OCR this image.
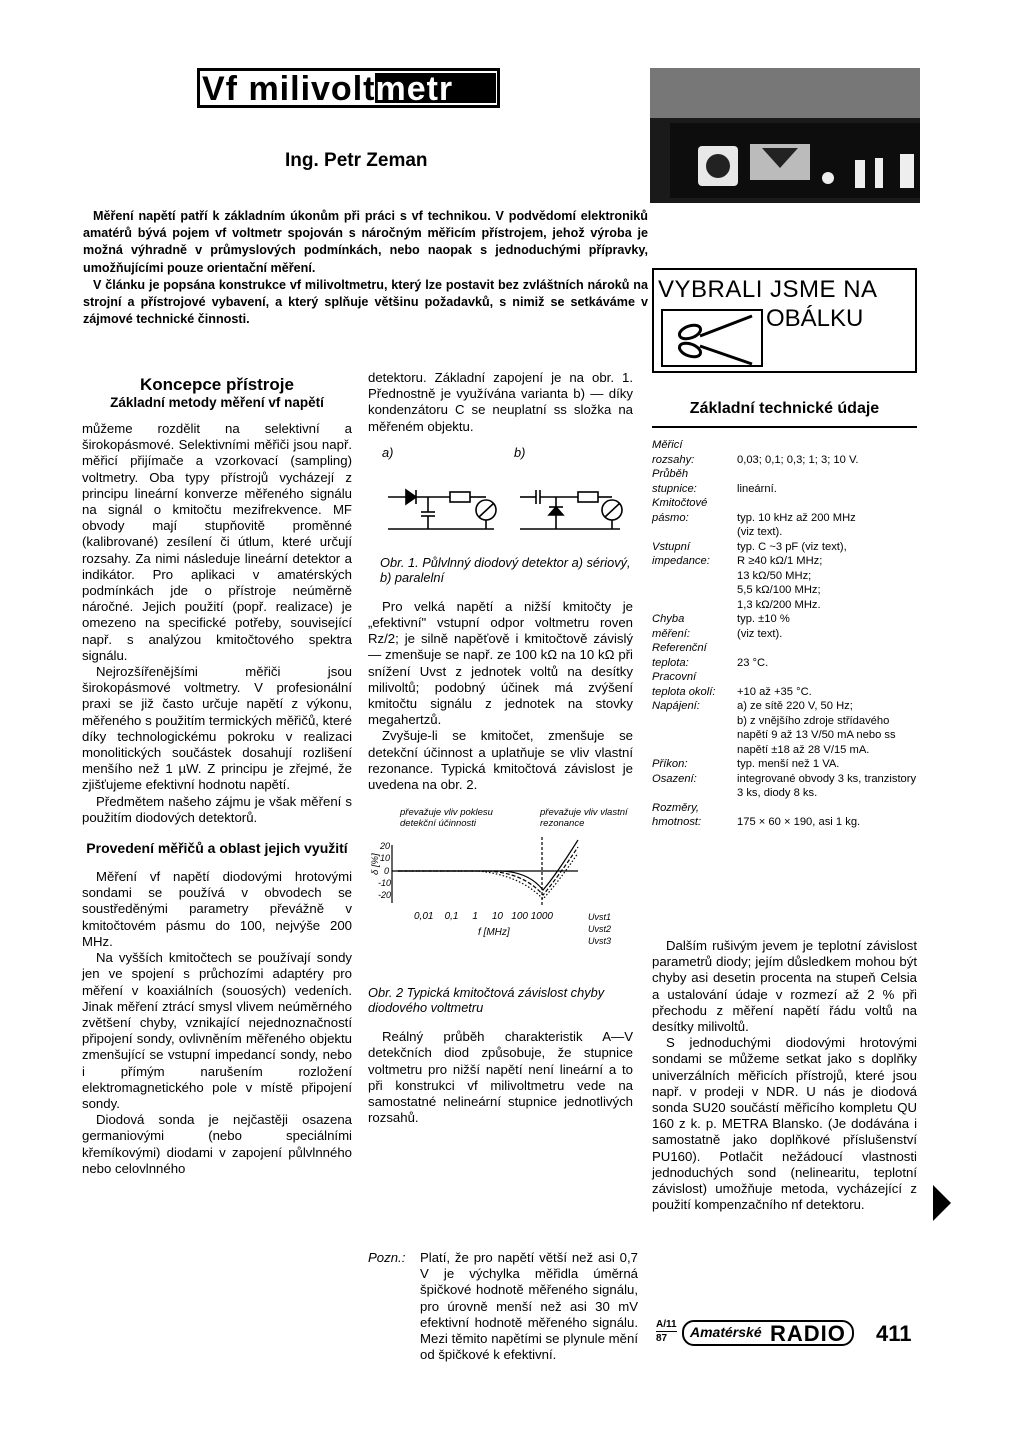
Vf milivoltmetr
Ing. Petr Zeman

Měření napětí patří k základním úkonům při práci s vf technikou. V podvědomí elektroniků amatérů bývá pojem vf voltmetr spojován s náročným měřicím přístrojem, jehož výroba je možná výhradně v průmyslových podmínkách, nebo naopak s jednoduchými přípravky, umožňujícími pouze orientační měření.

V článku je popsána konstrukce vf milivoltmetru, který lze postavit bez zvláštních nároků na strojní a přístrojové vybavení, a který splňuje většinu požadavků, s nimiž se setkáváme v zájmové technické činnosti.

VYBRALI JSME NA
OBÁLKU
Koncepce přístroje
Základní metody měření vf napětí

můžeme rozdělit na selektivní a širokopásmové. Selektivními měřiči jsou např. měřicí přijímače a vzorkovací (sampling) voltmetry. Oba typy přístrojů vycházejí z principu lineární konverze měřeného signálu na signál o kmitočtu mezifrekvence. MF obvody mají stupňovitě proměnné (kalibrované) zesílení či útlum, které určují rozsahy. Za nimi následuje lineární detektor a indikátor. Pro aplikaci v amatérských podmínkách jde o přístroje neúměrně náročné. Jejich použití (popř. realizace) je omezeno na specifické potřeby, související např. s analýzou kmitočtového spektra signálu.

Nejrozšířenějšími měřiči jsou širokopásmové voltmetry. V profesionální praxi se již často určuje napětí z výkonu, měřeného s použitím termických měřičů, které díky technologickému pokroku v realizaci monolitických součástek dosahují rozlišení menšího než 1 µW. Z principu je zřejmé, že zjišťujeme efektivní hodnotu napětí.

Předmětem našeho zájmu je však měření s použitím diodových detektorů.

Provedení měřičů a oblast jejich využití

Měření vf napětí diodovými hrotovými sondami se používá v obvodech se soustředěnými parametry převážně v kmitočtovém pásmu do 100, nejvýše 200 MHz.

Na vyšších kmitočtech se používají sondy jen ve spojení s průchozími adaptéry pro měření v koaxiálních (souosých) vedeních. Jinak měření ztrácí smysl vlivem neúměrného zvětšení chyby, vznikající nejednoznačností připojení sondy, ovlivněním měřeného objektu zmenšující se vstupní impedancí sondy, nebo i přímým narušením rozložení elektromagnetického pole v místě připojení sondy.

Diodová sonda je nejčastěji osazena germaniovými (nebo speciálními křemíkovými) diodami v zapojení půlvlnného nebo celovlnného

detektoru. Základní zapojení je na obr. 1. Přednostně je využívána varianta b) — díky kondenzátoru C se neuplatní ss složka na měřeném objektu.

a)	b)
Obr. 1. Půlvlnný diodový detektor a) sériový, b) paralelní

Pro velká napětí a nižší kmitočty je „efektivní" vstupní odpor voltmetru roven Rz/2; je silně napěťově i kmitočtově závislý — zmenšuje se např. ze 100 kΩ na 10 kΩ při snížení Uvst z jednotek voltů na desítky milivoltů; podobný účinek má zvýšení kmitočtu signálu z jednotek na stovky megahertzů.

Zvyšuje-li se kmitočet, zmenšuje se detekční účinnost a uplatňuje se vliv vlastní rezonance. Typická kmitočtová závislost je uvedena na obr. 2.

převažuje vliv poklesu detekční účinnosti
převažuje vliv vlastní rezonance
δ [%]
20
10
0
-10
-20
0,01    0,1     1     10   100 1000
f [MHz]
Uvst1
Uvst2
Uvst3
Obr. 2 Typická kmitočtová závislost chyby diodového voltmetru

Reálný průběh charakteristik A—V detekčních diod způsobuje, že stupnice voltmetru pro nižší napětí není lineární a to při konstrukci vf milivoltmetru vede na samostatné nelineární stupnice jednotlivých rozsahů.

Pozn.: Platí, že pro napětí větší než asi 0,7 V je výchylka měřidla úměrná špičkové hodnotě měřeného signálu, pro úrovně menší než asi 30 mV efektivní hodnotě měřeného signálu. Mezi těmito napětími se plynule mění od špičkové k efektivní.
Základní technické údaje
Měřicí
rozsahy:	0,03; 0,1; 0,3; 1; 3; 10 V.
Průběh
stupnice:	lineární.
Kmitočtové
pásmo:	typ. 10 kHz až 200 MHz
(viz text).
Vstupní	typ. C ~3 pF (viz text),
impedance:	R ≥40 kΩ/1 MHz;
13 kΩ/50 MHz;
5,5 kΩ/100 MHz;
1,3 kΩ/200 MHz.
Chyba	typ. ±10 %
měření:	(viz text).
Referenční
teplota:	23 °C.
Pracovní
teplota okolí:	+10 až +35 °C.
Napájení:	a) ze sítě 220 V, 50 Hz;
b) z vnějšího zdroje střídavého napětí 9 až 13 V/50 mA nebo ss napětí ±18 až 28 V/15 mA.
Příkon:	typ. menší než 1 VA.
Osazení:	integrované obvody 3 ks, tranzistory 3 ks, diody 8 ks.
Rozměry,
hmotnost:	175 × 60 × 190, asi 1 kg.

Dalším rušivým jevem je teplotní závislost parametrů diody; jejím důsledkem mohou být chyby asi desetin procenta na stupeň Celsia a ustalování údaje v rozmezí až 2 % při přechodu z měření napětí řádu voltů na desítky milivoltů.

S jednoduchými diodovými hrotovými sondami se můžeme setkat jako s doplňky univerzálních měřicích přístrojů, které jsou např. v prodeji v NDR. U nás je diodová sonda SU20 součástí měřicího kompletu QU 160 z k. p. METRA Blansko. (Je dodávána i samostatně jako doplňkové příslušenství PU160). Potlačit nežádoucí vlastnosti jednoduchých sond (nelinearitu, teplotní závislost) umožňuje metoda, vycházející z použití kompenzačního nf detektoru.

A/11
87	Amatérské RADIO 411
